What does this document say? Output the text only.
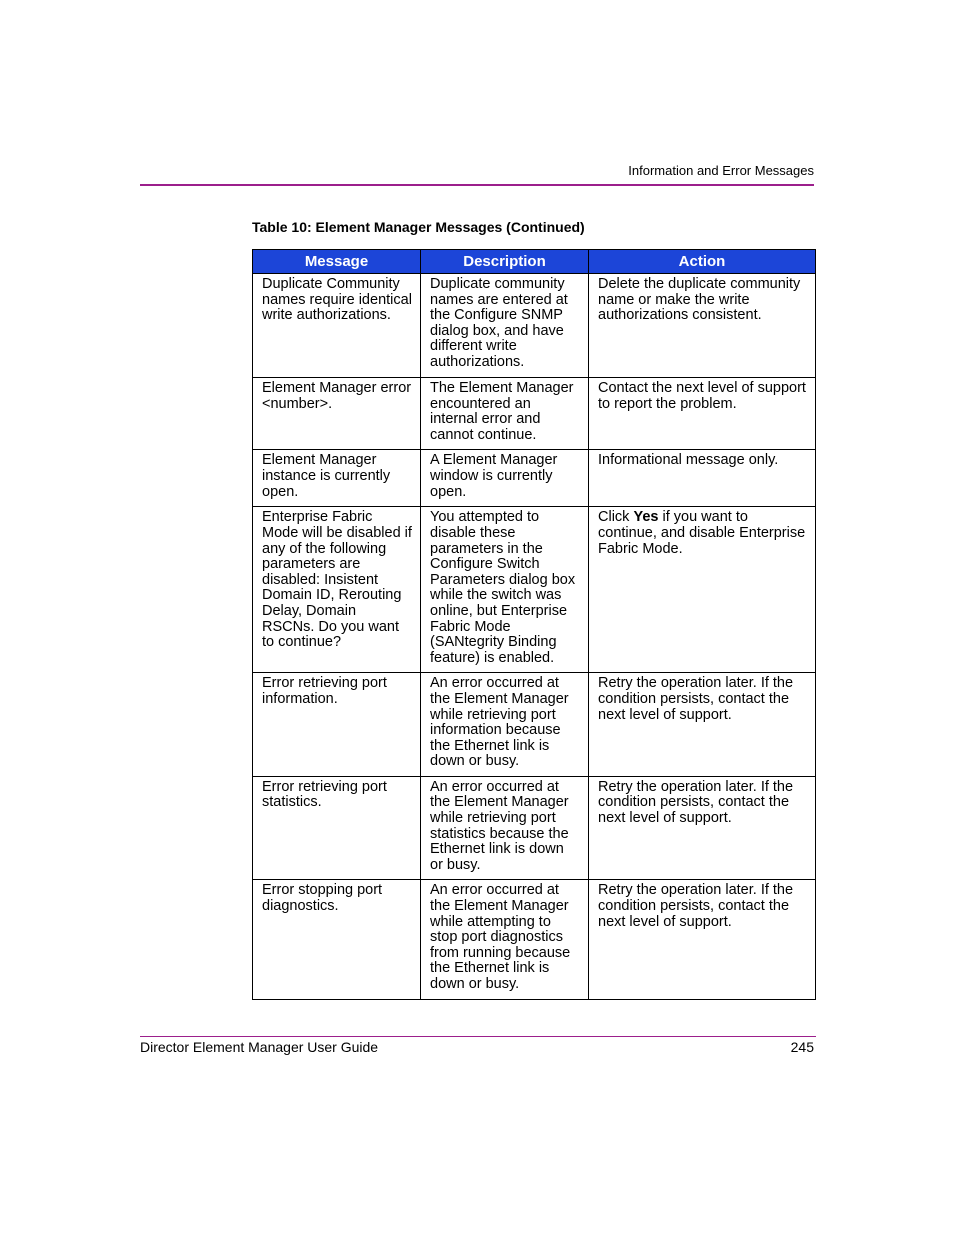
Information and Error Messages
Table 10: Element Manager Messages (Continued)
Message	Description	Action
Duplicate Community names require identical write authorizations.	Duplicate community names are entered at the Configure SNMP dialog box, and have different write authorizations.	Delete the duplicate community name or make the write authorizations consistent.
Element Manager error <number>.	The Element Manager encountered an internal error and cannot continue.	Contact the next level of support to report the problem.
Element Manager instance is currently open.	A Element Manager window is currently open.	Informational message only.
Enterprise Fabric Mode will be disabled if any of the following parameters are disabled: Insistent Domain ID, Rerouting Delay, Domain RSCNs. Do you want to continue?	You attempted to disable these parameters in the Configure Switch Parameters dialog box while the switch was online, but Enterprise Fabric Mode (SANtegrity Binding feature) is enabled.	Click Yes if you want to continue, and disable Enterprise Fabric Mode.
Error retrieving port information.	An error occurred at the Element Manager while retrieving port information because the Ethernet link is down or busy.	Retry the operation later. If the condition persists, contact the next level of support.
Error retrieving port statistics.	An error occurred at the Element Manager while retrieving port statistics because the Ethernet link is down or busy.	Retry the operation later. If the condition persists, contact the next level of support.
Error stopping port diagnostics.	An error occurred at the Element Manager while attempting to stop port diagnostics from running because the Ethernet link is down or busy.	Retry the operation later. If the condition persists, contact the next level of support.
Director Element Manager User Guide	245
